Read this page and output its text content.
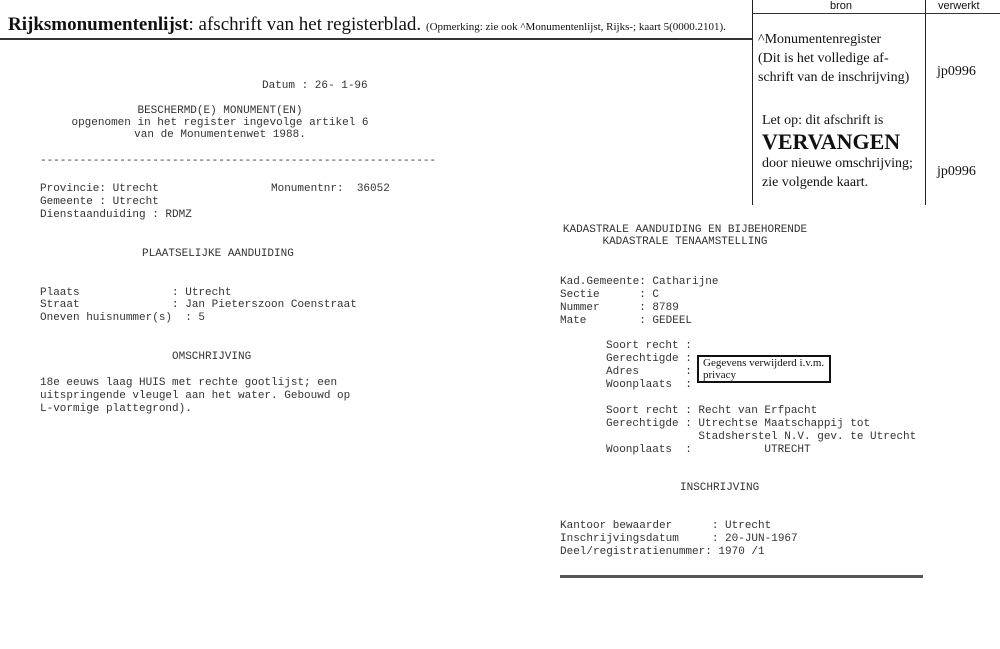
Rijksmonumentenlijst: afschrift van het registerblad. (Opmerking: zie ook ^Monumentenlijst, Rijks-; kaart 5(0000.2101).
bron	verwerkt
^Monumentenregister
(Dit is het volledige af-
schrift van de inschrijving) jp0996
Let op: dit afschrift is
VERVANGEN
door nieuwe omschrijving;
zie volgende kaart.
jp0996
Datum : 26- 1-96
BESCHERMD(E) MONUMENT(EN)
opgenomen in het register ingevolge artikel 6
van de Monumentenwet 1988.
------------------------------------------------------------
Provincie: Utrecht	Monumentnr:  36052
Gemeente : Utrecht
Dienstaanduiding : RDMZ
PLAATSELIJKE AANDUIDING
Plaats              : Utrecht
Straat              : Jan Pieterszoon Coenstraat
Oneven huisnummer(s)  : 5
OMSCHRIJVING
18e eeuws laag HUIS met rechte gootlijst; een
uitspringende vleugel aan het water. Gebouwd op
L-vormige plattegrond).
KADASTRALE AANDUIDING EN BIJBEHORENDE
KADASTRALE TENAAMSTELLING
Kad.Gemeente: Catharijne
Sectie      : C
Nummer      : 8789
Mate        : GEDEEL
Soort recht :
Gerechtigde :
Adres       :
Woonplaats  :
Gegevens verwijderd i.v.m.
privacy
Soort recht : Recht van Erfpacht
Gerechtigde : Utrechtse Maatschappij tot
Stadsherstel N.V. gev. te Utrecht
Woonplaats  :           UTRECHT
INSCHRIJVING
Kantoor bewaarder      : Utrecht
Inschrijvingsdatum     : 20-JUN-1967
Deel/registratienummer: 1970 /1
